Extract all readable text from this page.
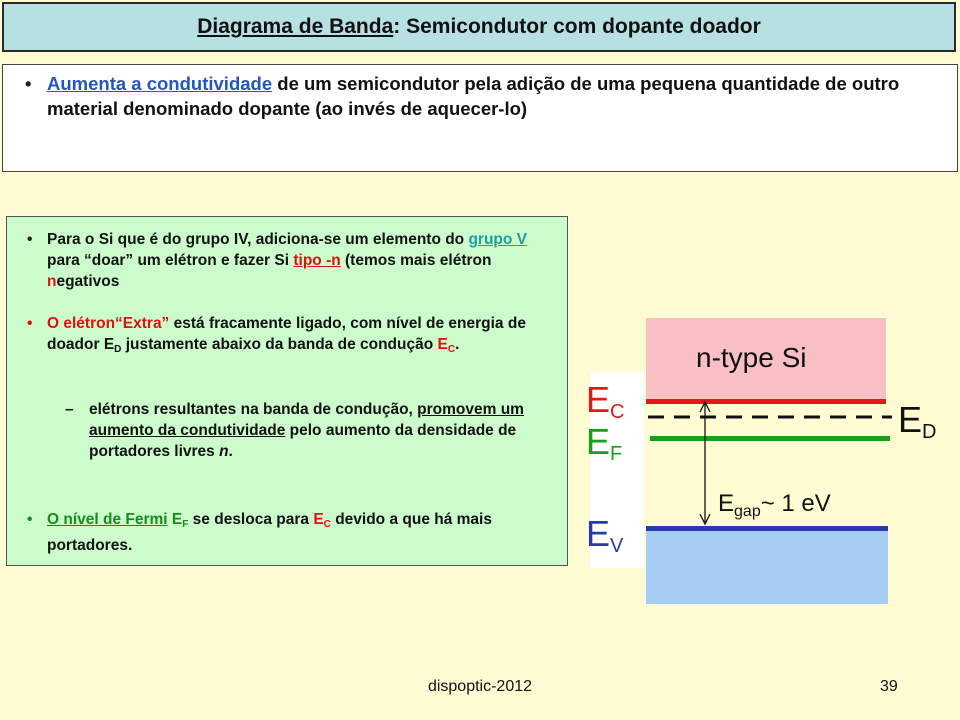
Diagrama de Banda : Semicondutor com dopante doador
• Aumenta a condutividade de um semicondutor pela adição de uma pequena quantidade de outro material denominado dopante (ao invés de aquecer-lo)
• Para o Si que é do grupo IV, adiciona-se um elemento do grupo V para “doar” um elétron e fazer Si tipo -n (temos mais elétron negativos
• O elétron“Extra” está fracamente ligado, com nível de energia de doador $E_D$ justamente abaixo da banda de condução $E_C$.
– elétrons resultantes na banda de condução, promovem um aumento da condutividade pelo aumento da densidade de portadores livres n.
• O nível de Fermi $E_F$ se desloca para $E_C$ devido a que há mais portadores.
n-type Si
$E_C$
$E_F$
$E_V$
$E_D$
$E_{gap}\sim$ 1 eV
dispoptic-2012	39
